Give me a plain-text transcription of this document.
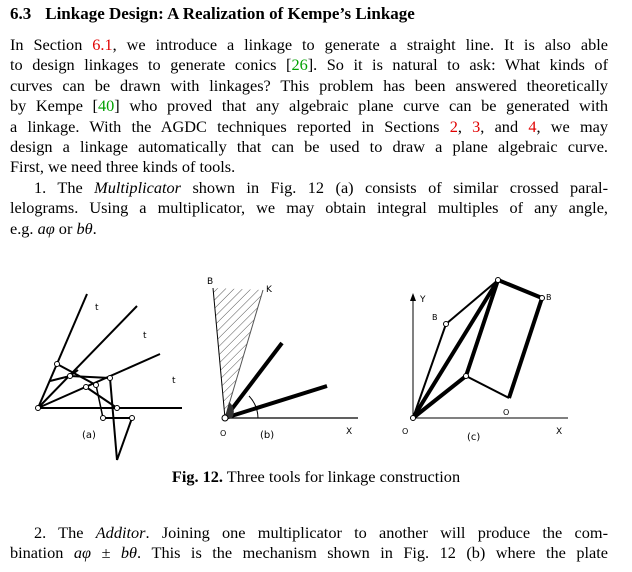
6.3 Linkage Design: A Realization of Kempe’s Linkage
In Section 6.1, we introduce a linkage to generate a straight line. It is also able
to design linkages to generate conics [26]. So it is natural to ask: What kinds of
curves can be drawn with linkages? This problem has been answered theoretically
by Kempe [40] who proved that any algebraic plane curve can be generated with
a linkage. With the AGDC techniques reported in Sections 2, 3, and 4, we may
design a linkage automatically that can be used to draw a plane algebraic curve.
First, we need three kinds of tools.
1. The Multiplicator shown in Fig. 12 (a) consists of similar crossed paral-
lelograms. Using a multiplicator, we may obtain integral multiples of any angle,
e.g. aφ or bθ.
t
t
t
(a)
B
K
O	X
(b)
Y
B
B
O
O
X
(c)
Fig. 12. Three tools for linkage construction
2. The Additor. Joining one multiplicator to another will produce the com-
bination aφ ± bθ. This is the mechanism shown in Fig. 12 (b) where the plate
